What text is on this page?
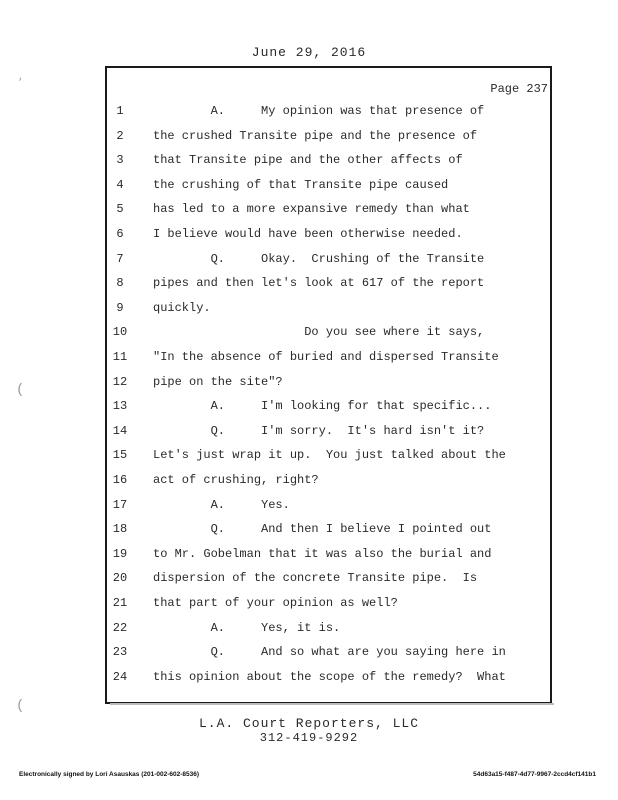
June 29, 2016
Page 237
1	A.     My opinion was that presence of
2	the crushed Transite pipe and the presence of
3	that Transite pipe and the other affects of
4	the crushing of that Transite pipe caused
5	has led to a more expansive remedy than what
6	I believe would have been otherwise needed.
7	Q.     Okay.  Crushing of the Transite
8	pipes and then let's look at 617 of the report
9	quickly.
10	Do you see where it says,
11	"In the absence of buried and dispersed Transite
12	pipe on the site"?
13	A.     I'm looking for that specific...
14	Q.     I'm sorry.  It's hard isn't it?
15	Let's just wrap it up.  You just talked about the
16	act of crushing, right?
17	A.     Yes.
18	Q.     And then I believe I pointed out
19	to Mr. Gobelman that it was also the burial and
20	dispersion of the concrete Transite pipe.  Is
21	that part of your opinion as well?
22	A.     Yes, it is.
23	Q.     And so what are you saying here in
24	this opinion about the scope of the remedy?  What
L.A. Court Reporters, LLC
312-419-9292
Electronically signed by Lori Asauskas (201-002-602-8536)	54d63a15-f487-4d77-9967-2ccd4cf141b1
,
(
(
